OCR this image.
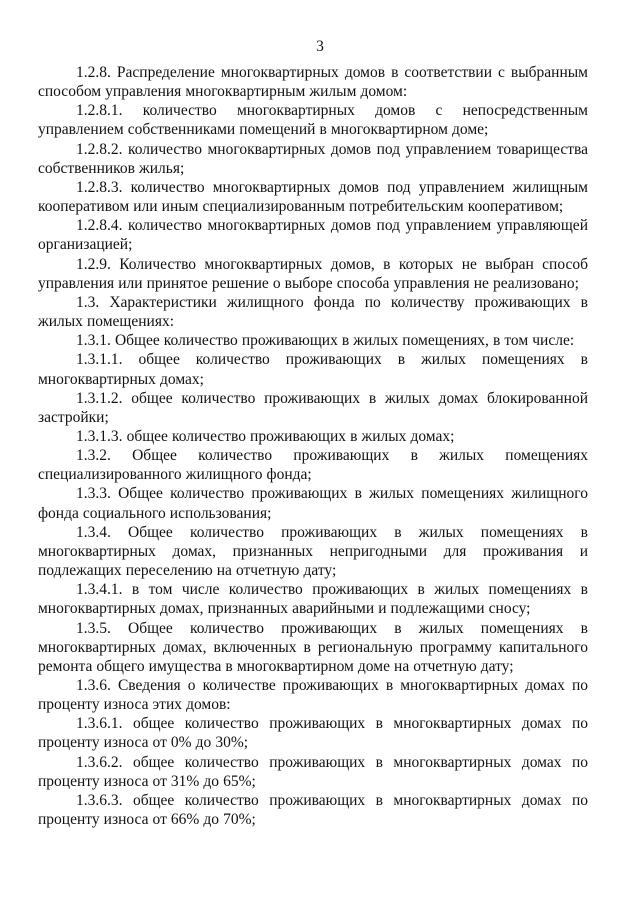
3

1.2.8. Распределение многоквартирных домов в соответствии с выбранным способом управления многоквартирным жилым домом:

1.2.8.1. количество многоквартирных домов с непосредственным управлением собственниками помещений в многоквартирном доме;

1.2.8.2. количество многоквартирных домов под управлением товарищества собственников жилья;

1.2.8.3. количество многоквартирных домов под управлением жилищным кооперативом или иным специализированным потребительским кооперативом;

1.2.8.4. количество многоквартирных домов под управлением управляющей организацией;

1.2.9. Количество многоквартирных домов, в которых не выбран способ управления или принятое решение о выборе способа управления не реализовано;

1.3. Характеристики жилищного фонда по количеству проживающих в жилых помещениях:

1.3.1. Общее количество проживающих в жилых помещениях, в том числе:

1.3.1.1. общее количество проживающих в жилых помещениях в многоквартирных домах;

1.3.1.2. общее количество проживающих в жилых домах блокированной застройки;

1.3.1.3. общее количество проживающих в жилых домах;

1.3.2. Общее количество проживающих в жилых помещениях специализированного жилищного фонда;

1.3.3. Общее количество проживающих в жилых помещениях жилищного фонда социального использования;

1.3.4. Общее количество проживающих в жилых помещениях в многоквартирных домах, признанных непригодными для проживания и подлежащих переселению на отчетную дату;

1.3.4.1. в том числе количество проживающих в жилых помещениях в многоквартирных домах, признанных аварийными и подлежащими сносу;

1.3.5. Общее количество проживающих в жилых помещениях в многоквартирных домах, включенных в региональную программу капитального ремонта общего имущества в многоквартирном доме на отчетную дату;

1.3.6. Сведения о количестве проживающих в многоквартирных домах по проценту износа этих домов:

1.3.6.1. общее количество проживающих в многоквартирных домах по проценту износа от 0% до 30%;

1.3.6.2. общее количество проживающих в многоквартирных домах по проценту износа от 31% до 65%;

1.3.6.3. общее количество проживающих в многоквартирных домах по проценту износа от 66% до 70%;
